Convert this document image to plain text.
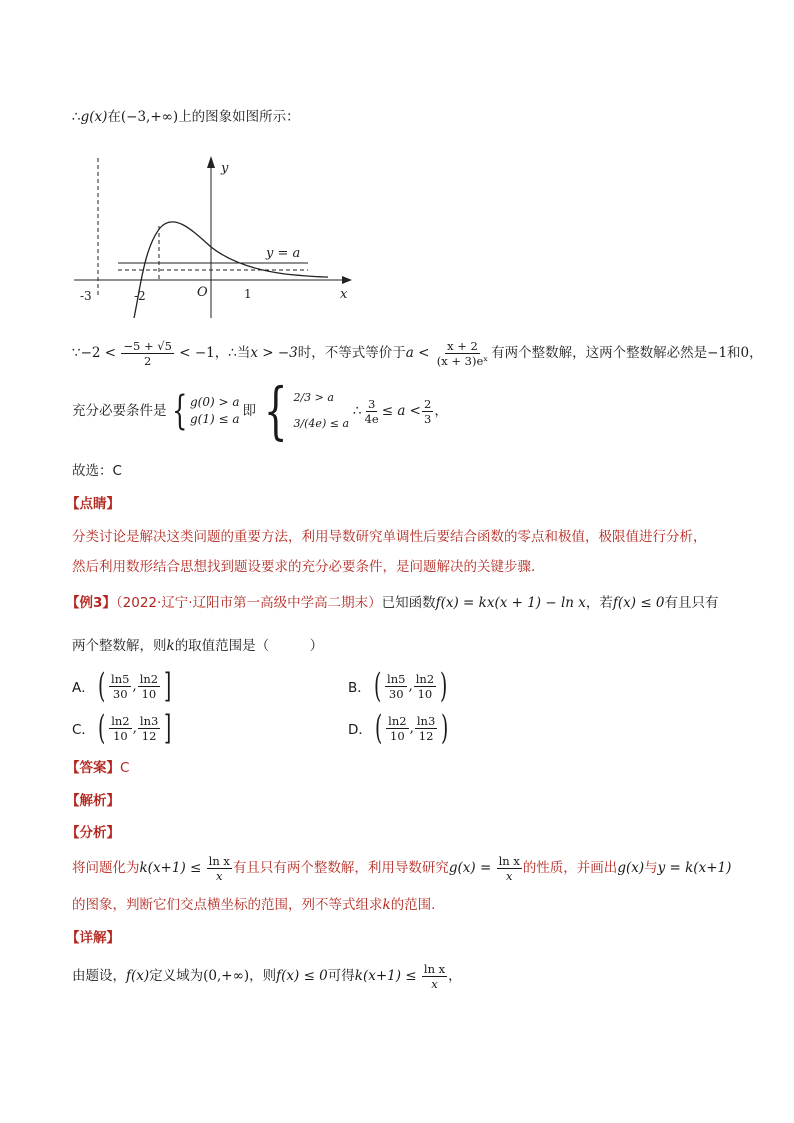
∴g(x)在(−3,+∞)上的图象如图所示：
y
x
O
y = a
-3	-2	1
∵−2 < $\frac{-5 + √5}{2} < -1$，∴当x > −3时，不等式等价于$a < \frac{x + 2}{\text{(x + 3)eˣ}}$ 有两个整数解，这两个整数解必然是−1和0，
充分必要条件是 { g(0) > a
g(1) ≤ a 即 { 2/3 > a
3/(4e) ≤ a
∴ $\frac{3}{4e} \le a < \frac{2}{3}$ ，
故选：C
【点睛】
分类讨论是解决这类问题的重要方法，利用导数研究单调性后要结合函数的零点和极值，极限值进行分析，
然后利用数形结合思想找到题设要求的充分必要条件，是问题解决的关键步骤.
【例3】（2022·辽宁·辽阳市第一高级中学高二期末）已知函数f(x) = kx(x + 1) − ln x，若f(x) ≤ 0有且只有
两个整数解，则k的取值范围是（　　　）
A． ( $\frac{\ln 5}{30}$ , $\frac{\ln 2}{10}$ ]	B． ( $\frac{\ln 5}{30}$ , $\frac{\ln 2}{10}$ )
C． ( $\frac{\ln 2}{10}$ , $\frac{\ln 3}{12}$ ]	D． ( $\frac{\ln 2}{10}$ , $\frac{\ln 3}{12}$ )
【答案】C
【解析】
【分析】
将问题化为$k(x+1) \le \frac{\text{ln x}}{x}$ 有且只有两个整数解，利用导数研究$g(x) = \frac{\text{ln x}}{x}$ 的性质，并画出g(x)与y = k(x+1)
的图象，判断它们交点横坐标的范围，列不等式组求k的范围.
【详解】
由题设，f(x)定义域为(0,+∞)，则f(x) ≤ 0可得$k(x+1) \le \frac{\text{ln x}}{x}$ ，
